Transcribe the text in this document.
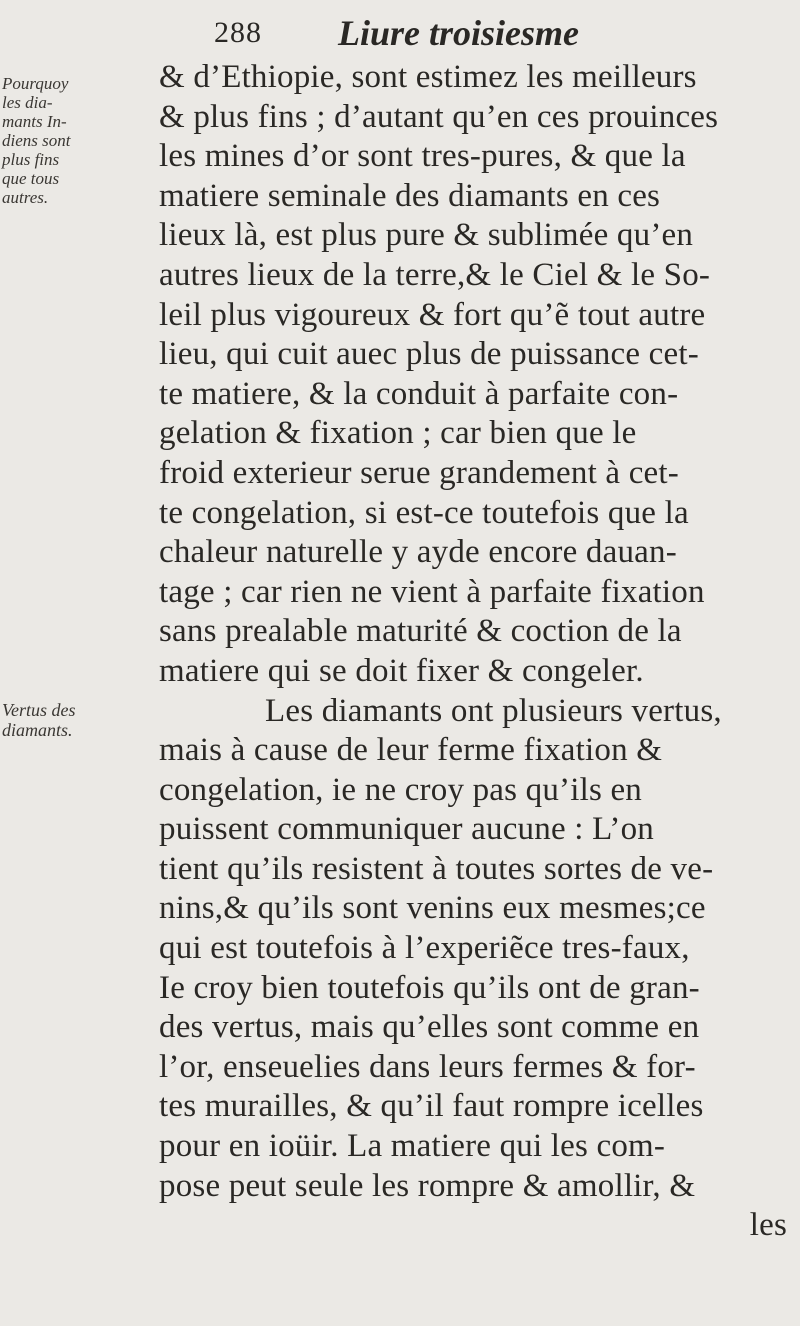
288 Liure troisiesme
Pourquoy
les dia-
mants In-
diens sont
plus fins
que tous
autres.
Vertus des
diamants.
& d’Ethiopie, sont estimez les meilleurs
& plus fins ; d’autant qu’en ces prouinces
les mines d’or sont tres-pures, & que la
matiere seminale des diamants en ces
lieux là, est plus pure & sublimée qu’en
autres lieux de la terre,& le Ciel & le So-
leil plus vigoureux & fort qu’ẽ tout autre
lieu, qui cuit auec plus de puissance cet-
te matiere, & la conduit à parfaite con-
gelation & fixation ; car bien que le
froid exterieur serue grandement à cet-
te congelation, si est-ce toutefois que la
chaleur naturelle y ayde encore dauan-
tage ; car rien ne vient à parfaite fixation
sans prealable maturité & coction de la
matiere qui se doit fixer & congeler.
Les diamants ont plusieurs vertus,
mais à cause de leur ferme fixation &
congelation, ie ne croy pas qu’ils en
puissent communiquer aucune : L’on
tient qu’ils resistent à toutes sortes de ve-
nins,& qu’ils sont venins eux mesmes;ce
qui est toutefois à l’experiẽce tres-faux,
Ie croy bien toutefois qu’ils ont de gran-
des vertus, mais qu’elles sont comme en
l’or, enseuelies dans leurs fermes & for-
tes murailles, & qu’il faut rompre icelles
pour en ioüir. La matiere qui les com-
pose peut seule les rompre & amollir, &
les
